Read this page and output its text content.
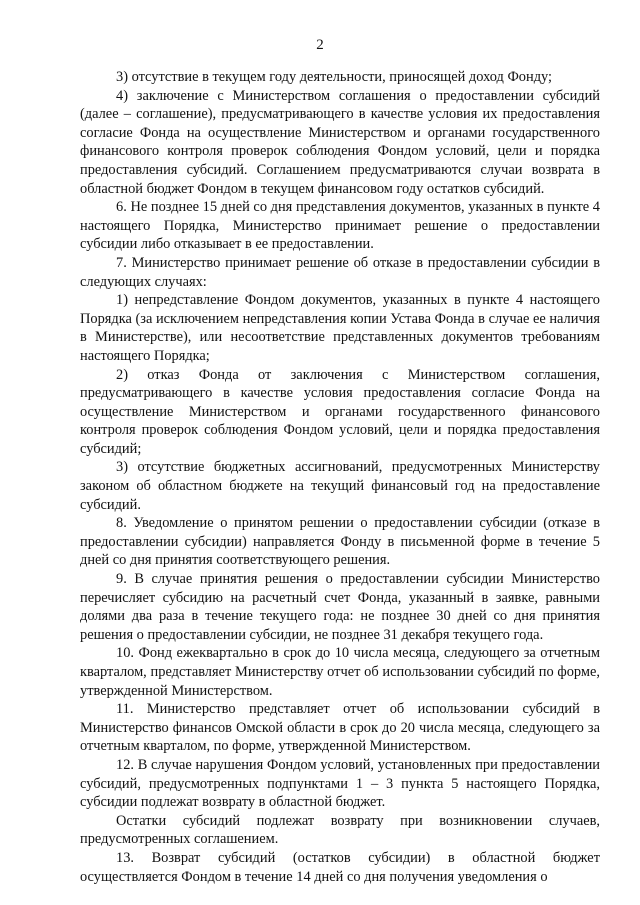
2

3) отсутствие в текущем году деятельности, приносящей доход Фонду;

4) заключение с Министерством соглашения о предоставлении субсидий (далее – соглашение), предусматривающего в качестве условия их предоставления согласие Фонда на осуществление Министерством и органами государственного финансового контроля проверок соблюдения Фондом условий, цели и порядка предоставления субсидий. Соглашением предусматриваются случаи возврата в областной бюджет Фондом в текущем финансовом году остатков субсидий.

6. Не позднее 15 дней со дня представления документов, указанных в пункте 4 настоящего Порядка, Министерство принимает решение о предоставлении субсидии либо отказывает в ее предоставлении.

7. Министерство принимает решение об отказе в предоставлении субсидии в следующих случаях:

1) непредставление Фондом документов, указанных в пункте 4 настоящего Порядка (за исключением непредставления копии Устава Фонда в случае ее наличия в Министерстве), или несоответствие представленных документов требованиям настоящего Порядка;

2) отказ Фонда от заключения с Министерством соглашения, предусматривающего в качестве условия предоставления согласие Фонда на осуществление Министерством и органами государственного финансового контроля проверок соблюдения Фондом условий, цели и порядка предоставления субсидий;

3) отсутствие бюджетных ассигнований, предусмотренных Министерству законом об областном бюджете на текущий финансовый год на предоставление субсидий.

8. Уведомление о принятом решении о предоставлении субсидии (отказе в предоставлении субсидии) направляется Фонду в письменной форме в течение 5 дней со дня принятия соответствующего решения.

9. В случае принятия решения о предоставлении субсидии Министерство перечисляет субсидию на расчетный счет Фонда, указанный в заявке, равными долями два раза в течение текущего года: не позднее 30 дней со дня принятия решения о предоставлении субсидии, не позднее 31 декабря текущего года.

10. Фонд ежеквартально в срок до 10 числа месяца, следующего за отчетным кварталом, представляет Министерству отчет об использовании субсидий по форме, утвержденной Министерством.

11. Министерство представляет отчет об использовании субсидий в Министерство финансов Омской области в срок до 20 числа месяца, следующего за отчетным кварталом, по форме, утвержденной Министерством.

12. В случае нарушения Фондом условий, установленных при предоставлении субсидий, предусмотренных подпунктами 1 – 3 пункта 5 настоящего Порядка, субсидии подлежат возврату в областной бюджет.

Остатки субсидий подлежат возврату при возникновении случаев, предусмотренных соглашением.

13. Возврат субсидий (остатков субсидии) в областной бюджет осуществляется Фондом в течение 14 дней со дня получения уведомления о
